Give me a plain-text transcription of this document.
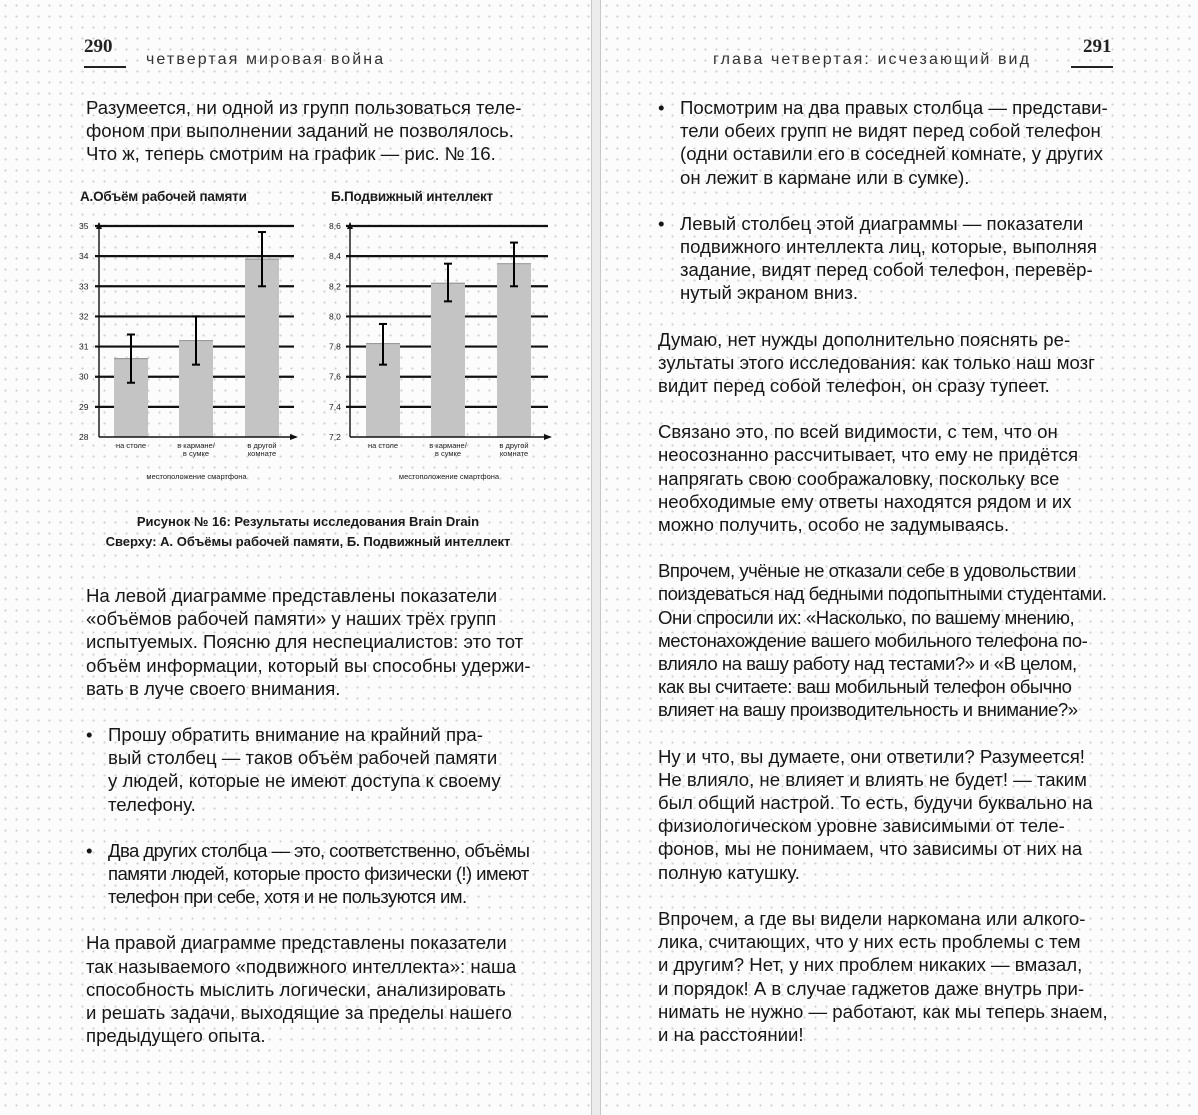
290
четвертая мировая война
Разумеется, ни одной из групп пользоваться теле-
фоном при выполнении заданий не позволялось.
Что ж, теперь смотрим на график — рис. № 16.
А.Объём рабочей памяти	Б.Подвижный интеллект
28
29
30
31
32
33
34
35
на столе	в кармане/ в сумке
в другой комнате
местоположение смартфона
7,2
7,4
7,6
7,8
8,0
8,2
8,4
8,6
на столе	в кармане/ в сумке
в другой комнате
местоположение смартфона
Рисунок № 16: Результаты исследования Brain Drain
Сверху: А. Объёмы рабочей памяти, Б. Подвижный интеллект
На левой диаграмме представлены показатели
«объёмов рабочей памяти» у наших трёх групп
испытуемых. Поясню для неспециалистов: это тот
объём информации, который вы способны удержи-
вать в луче своего внимания.
• Прошу обратить внимание на крайний пра-
вый столбец — таков объём рабочей памяти
у людей, которые не имеют доступа к своему
телефону.
• Два других столбца — это, соответственно, объёмы
памяти людей, которые просто физически (!) имеют
телефон при себе, хотя и не пользуются им.
На правой диаграмме представлены показатели
так называемого «подвижного интеллекта»: наша
способность мыслить логически, анализировать
и решать задачи, выходящие за пределы нашего
предыдущего опыта.
глава четвертая: исчезающий вид
291
• Посмотрим на два правых столбца — представи-
тели обеих групп не видят перед собой телефон
(одни оставили его в соседней комнате, у других
он лежит в кармане или в сумке).
• Левый столбец этой диаграммы — показатели
подвижного интеллекта лиц, которые, выполняя
задание, видят перед собой телефон, перевёр-
нутый экраном вниз.
Думаю, нет нужды дополнительно пояснять ре-
зультаты этого исследования: как только наш мозг
видит перед собой телефон, он сразу тупеет.
Связано это, по всей видимости, с тем, что он
неосознанно рассчитывает, что ему не придётся
напрягать свою соображаловку, поскольку все
необходимые ему ответы находятся рядом и их
можно получить, особо не задумываясь.
Впрочем, учёные не отказали себе в удовольствии
поиздеваться над бедными подопытными студентами.
Они спросили их: «Насколько, по вашему мнению,
местонахождение вашего мобильного телефона по-
влияло на вашу работу над тестами?» и «В целом,
как вы считаете: ваш мобильный телефон обычно
влияет на вашу производительность и внимание?»
Ну и что, вы думаете, они ответили? Разумеется!
Не влияло, не влияет и влиять не будет! — таким
был общий настрой. То есть, будучи буквально на
физиологическом уровне зависимыми от теле-
фонов, мы не понимаем, что зависимы от них на
полную катушку.
Впрочем, а где вы видели наркомана или алкого-
лика, считающих, что у них есть проблемы с тем
и другим? Нет, у них проблем никаких — вмазал,
и порядок! А в случае гаджетов даже внутрь при-
нимать не нужно — работают, как мы теперь знаем,
и на расстоянии!
